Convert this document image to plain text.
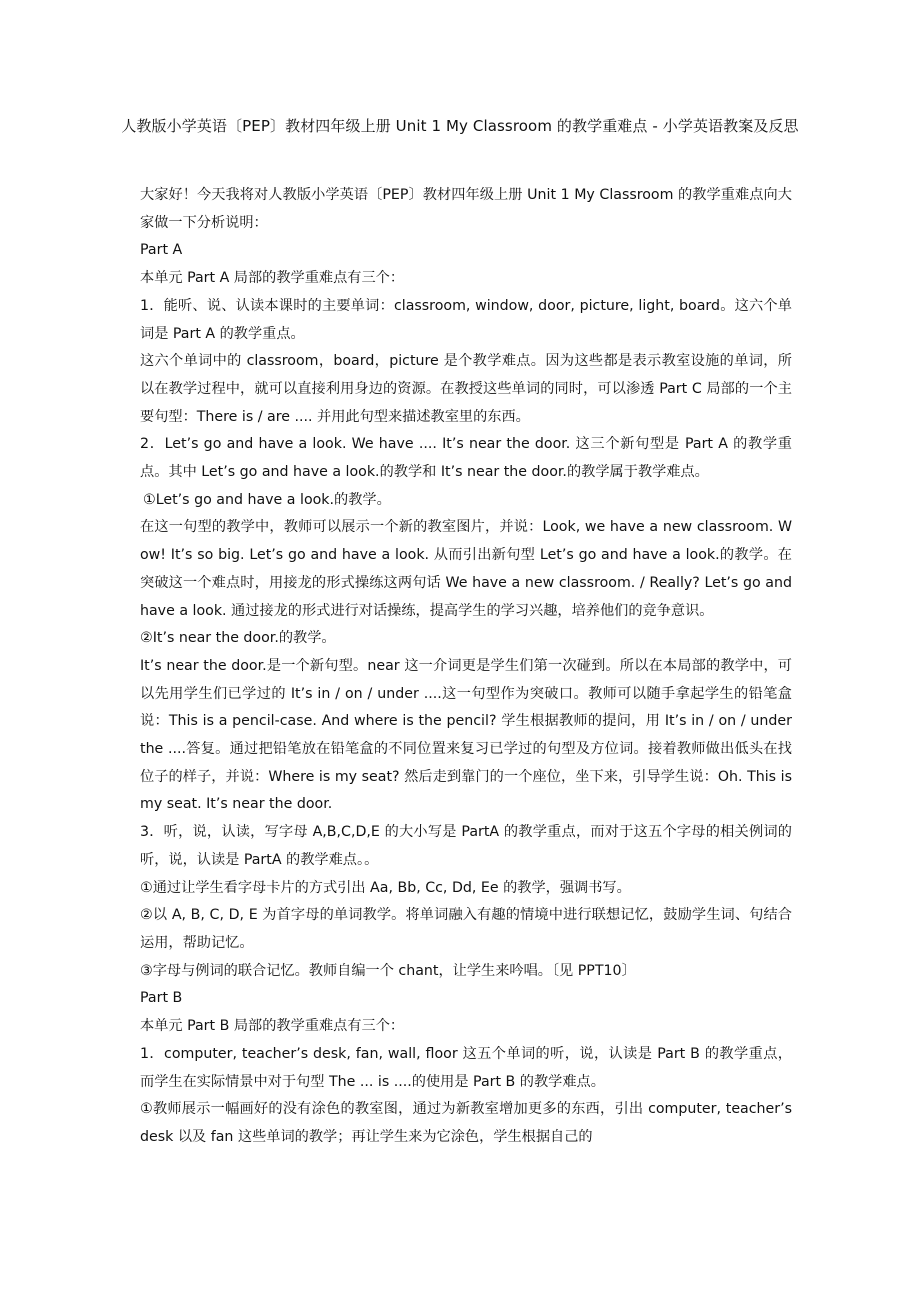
人教版小学英语〔PEP〕教材四年级上册 Unit 1 My Classroom 的教学重难点 - 小学英语教案及反思

大家好！今天我将对人教版小学英语〔PEP〕教材四年级上册 Unit 1 My Classroom 的教学重难点向大家做一下分析说明：

Part A

本单元 Part A 局部的教学重难点有三个：

1．能听、说、认读本课时的主要单词：classroom, window, door, picture, light, board。这六个单词是 Part A 的教学重点。

这六个单词中的 classroom，board，picture 是个教学难点。因为这些都是表示教室设施的单词，所以在教学过程中，就可以直接利用身边的资源。在教授这些单词的同时，可以渗透 Part C 局部的一个主要句型：There is / are .... 并用此句型来描述教室里的东西。

2．Let’s go and have a look. We have .... It’s near the door. 这三个新句型是 Part A 的教学重点。其中 Let’s go and have a look.的教学和 It’s near the door.的教学属于教学难点。

①Let’s go and have a look.的教学。

在这一句型的教学中，教师可以展示一个新的教室图片，并说：Look, we have a new classroom. Wow! It’s so big. Let’s go and have a look. 从而引出新句型 Let’s go and have a look.的教学。在突破这一个难点时，用接龙的形式操练这两句话 We have a new classroom. / Really? Let’s go and have a look. 通过接龙的形式进行对话操练，提高学生的学习兴趣，培养他们的竞争意识。

②It’s near the door.的教学。

It’s near the door.是一个新句型。near 这一介词更是学生们第一次碰到。所以在本局部的教学中，可以先用学生们已学过的 It’s in / on / under ....这一句型作为突破口。教师可以随手拿起学生的铅笔盒说：This is a pencil-case. And where is the pencil? 学生根据教师的提问，用 It’s in / on / under the ....答复。通过把铅笔放在铅笔盒的不同位置来复习已学过的句型及方位词。接着教师做出低头在找位子的样子，并说：Where is my seat? 然后走到靠门的一个座位，坐下来，引导学生说：Oh. This is my seat. It’s near the door.

3．听，说，认读，写字母 A,B,C,D,E 的大小写是 PartA 的教学重点，而对于这五个字母的相关例词的听，说，认读是 PartA 的教学难点。。

①通过让学生看字母卡片的方式引出 Aa, Bb, Cc, Dd, Ee 的教学，强调书写。

②以 A, B, C, D, E 为首字母的单词教学。将单词融入有趣的情境中进行联想记忆，鼓励学生词、句结合运用，帮助记忆。

③字母与例词的联合记忆。教师自编一个 chant，让学生来吟唱。〔见 PPT10〕

Part B

本单元 Part B 局部的教学重难点有三个：

1．computer, teacher’s desk, fan, wall, floor 这五个单词的听，说，认读是 Part B 的教学重点，而学生在实际情景中对于句型 The ... is ....的使用是 Part B 的教学难点。

①教师展示一幅画好的没有涂色的教室图，通过为新教室增加更多的东西，引出 computer, teacher’s desk 以及 fan 这些单词的教学；再让学生来为它涂色，学生根据自己的
